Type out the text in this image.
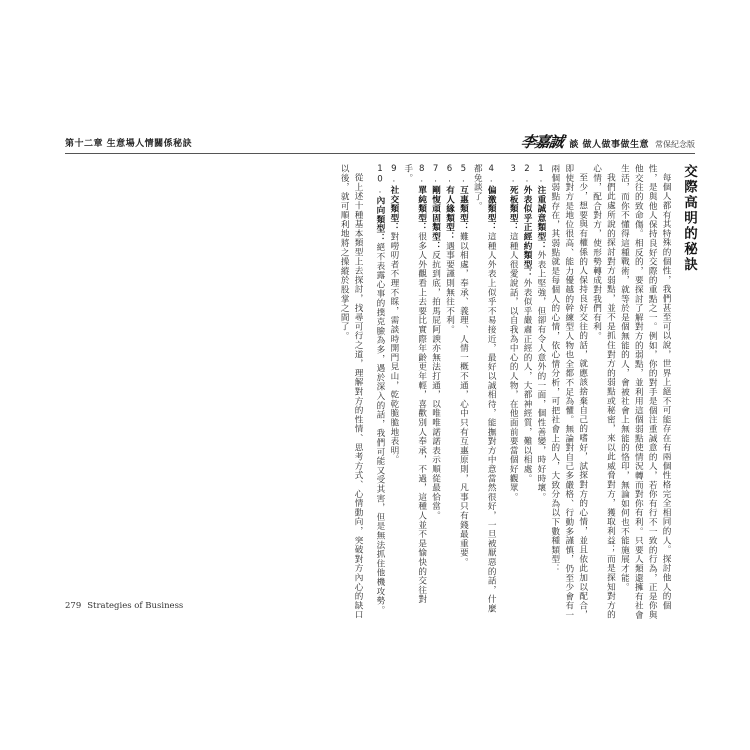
第十二章 生意場人情關係秘訣	李嘉誠 談 做人做事做生意 常保紀念版
交際高明的秘訣

每個人都有其特殊的個性，我們甚至可以說，世界上絕不可能存在有兩個性格完全相同的人。探討他人的個性，是與他人保持良好交際的重點之一。例如，你的對手是個注重誠意的人，若你有行不一致的行為，正是你與他交往的致命傷。相反的，要探討了解對方的弱點，並利用這個弱點使情況轉而對你有利。只要人類還擁有社會生活，而你不懂得這種戰術，就等於是個無能的人，會被社會上無能的恪印，無論如何也不能施展才能。

我們此處所說的探討對方弱點，並不是抓住對方的弱點或秘密，來以此威脅對方，獲取利益；而是探知對方的心情，配合對方，使形勢轉成對我們有利。

至少，想要與有權係的人保持良好交往的話，就應該捨棄自己的嗜好，試探對方的心情，並且依此加以配合，即使對方是地位很高、能力優越的幹練型人物也全都不足為懼。無論對自己多嚴格、行動多謹慎，仍至少會有一兩個弱點存在，其弱點就是每個人的心情，依心情分析，可把社會上的人，大致分為以下數種類型：

1.注重誠意類型：外表上堅強，但卻有令人意外的一面，個性善變，時好時壞。

2.外表似乎正經約類型：外表似乎嚴肅正經的人，大都神經質，難以相處。

3.死板類型：這種人很愛說話，以自我為中心的人物，在他面前要當個好觀眾。

4.偏激類型：這種人外表上似乎不易接近，最好以誠相待，能撫對方中意當然很好，一旦被厭惡的話，什麼都免談了。

5.互惠類型：難以相處，奉承、義理、人情一概不通，心中只有互惠原則，凡事只有錢最重要。

6.有人緣類型：遇事要謹則無往不利。

7.剛愎頑固類型：反抗到底，拍馬屁阿諛亦無法打通，以唯唯諾諾表示順從最恰當。

8.單純類型：很多人外觀看上去要比實際年齡更年輕，喜歡別人奉承，不過，這種人並不是愉快的交往對手。

9.社交類型：對嘮叨者不理不睬，需談時開門見山，乾乾脆脆地表明。

10.內向類型：絕不表露心事的撲克臉為多，遇於深入的話，我們可能又受其害，但是無法抓住他機攻勢。

從上述十種基本類型上去探討，找尋可行之道，理解對方的性情、思考方式、心情動向，突破對方內心的缺口以後，就可順利地將之操縱於股掌之間了。

279 Strategies of Business
